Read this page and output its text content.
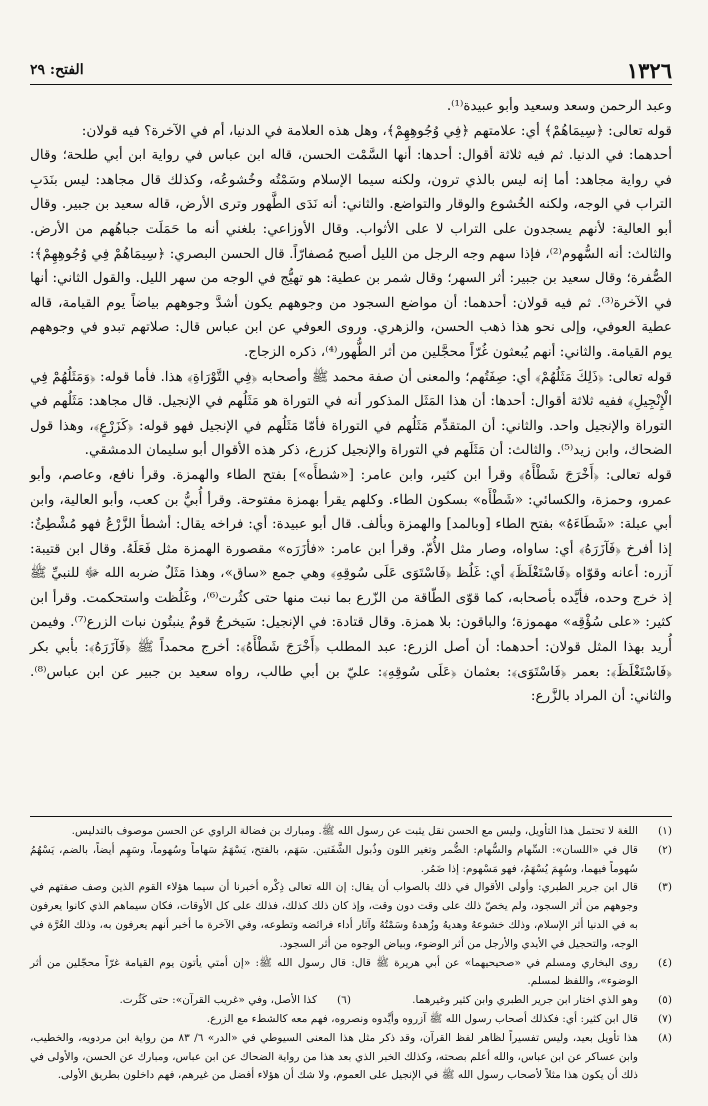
١٣٢٦
الفتح: ٢٩

وعبد الرحمن وسعد وسعيد وأبو عبيدة⁽¹⁾.

قوله تعالى: ﴿سِيمَاهُمْ﴾ أي: علامتهم ﴿فِي وُجُوهِهِمْ﴾، وهل هذه العلامة في الدنيا، أم في الآخرة؟ فيه قولان:

أحدهما: في الدنيا. ثم فيه ثلاثة أقوال: أحدها: أنها السَّمْت الحسن، قاله ابن عباس في رواية ابن أبي طلحة؛ وقال في رواية مجاهد: أما إنه ليس بالذي ترون، ولكنه سيما الإسلام وسَمْتُه وخُشوعُه، وكذلك قال مجاهد: ليس بنَدَبِ التراب في الوجه، ولكنه الخُشوع والوقار والتواضع. والثاني: أنه نَدَى الطَّهور وترى الأرض، قاله سعيد بن جبير. وقال أبو العالية: لأنهم يسجدون على التراب لا على الأثواب. وقال الأوزاعي: بلغني أنه ما حَمَلَت جباهُهم من الأرض. والثالث: أنه السُّهوم⁽²⁾، فإذا سهم وجه الرجل من الليل أصبح مُصفارّاً. قال الحسن البصري: ﴿سِيمَاهُمْ فِي وُجُوهِهِمْ﴾: الصُّفرة؛ وقال سعيد بن جبير: أثر السهر؛ وقال شمر بن عطية: هو تهيُّج في الوجه من سهر الليل. والقول الثاني: أنها في الآخرة⁽³⁾. ثم فيه قولان: أحدهما: أن مواضع السجود من وجوههم يكون أشدَّ وجوههم بياضاً يوم القيامة، قاله عطية العوفي، وإلى نحو هذا ذهب الحسن، والزهري. وروى العوفي عن ابن عباس قال: صلاتهم تبدو في وجوههم يوم القيامة. والثاني: أنهم يُبعثون غُرّاً محجَّلين من أثر الطُّهور⁽⁴⁾، ذكره الزجاج.

قوله تعالى: ﴿ذَلِكَ مَثَلُهُمْ﴾ أي: صِفَتُهم؛ والمعنى أن صفة محمد ﷺ وأصحابه ﴿فِي التَّوْرَاةِ﴾ هذا. فأما قوله: ﴿وَمَثَلُهُمْ فِي الْإِنْجِيلِ﴾ ففيه ثلاثة أقوال: أحدها: أن هذا المَثَل المذكور أنه في التوراة هو مَثَلُهم في الإنجيل. قال مجاهد: مَثَلُهم في التوراة والإنجيل واحد. والثاني: أن المتقدِّم مَثَلُهم في التوراة فأمّا مَثَلُهم في الإنجيل فهو قوله: ﴿كَزَرْعٍ﴾، وهذا قول الضحاك، وابن زيد⁽⁵⁾. والثالث: أن مَثَلَهم في التوراة والإنجيل كزرع، ذكر هذه الأقوال أبو سليمان الدمشقي.

قوله تعالى: ﴿أَخْرَجَ شَطْأَهُ﴾ وقرأ ابن كثير، وابن عامر: [«شطأَه»] بفتح الطاء والهمزة. وقرأ نافع، وعاصم، وأبو عمرو، وحمزة، والكسائي: «شَطْأَه» بسكون الطاء. وكلهم يقرأ بهمزة مفتوحة. وقرأ أُبيُّ بن كعب، وأبو العالية، وابن أبي عبلة: «شَطَاءَهُ» بفتح الطاء [وبالمد] والهمزة وبألف. قال أبو عبيدة: أي: فراخه يقال: أشطأ الزَّرْعُ فهو مُشْطِئٌ: إذا أفرخ ﴿فَآزَرَهُ﴾ أي: ساواه، وصار مثل الأُمّ. وقرأ ابن عامر: «فأزَرَه» مقصورة الهمزة مثل فَعَلَهُ. وقال ابن قتيبة: آزره: أعانه وقوّاه ﴿فَاسْتَغْلَظَ﴾ أي: غَلُظ ﴿فَاسْتَوَى عَلَى سُوقِهِ﴾ وهي جمع «ساق»، وهذا مَثَلٌ ضربه الله ﷻ للنبيِّ ﷺ إذ خرج وحده، فأيَّده بأصحابه، كما قوّى الطّاقة من الزّرع بما نبت منها حتى كثُرت⁽⁶⁾، وغَلُظت واستحكمت. وقرأ ابن كثير: «على سُؤْقِه» مهموزة؛ والباقون: بلا همزة. وقال قتادة: في الإنجيل: سَيخرجُ قومٌ ينبتُون نبات الزرع⁽⁷⁾. وفيمن أُريد بهذا المثل قولان: أحدهما: أن أصل الزرع: عبد المطلب ﴿أَخْرَجَ شَطْأَهُ﴾: أخرج محمداً ﷺ ﴿فَآزَرَهُ﴾: بأبي بكر ﴿فَاسْتَغْلَظَ﴾: بعمر ﴿فَاسْتَوَى﴾: بعثمان ﴿عَلَى سُوقِهِ﴾: عليّ بن أبي طالب، رواه سعيد بن جبير عن ابن عباس⁽⁸⁾. والثاني: أن المراد بالزَّرع:

(١)
اللغة لا تحتمل هذا التأويل، وليس مع الحسن نقل يثبت عن رسول الله ﷺ. ومبارك بن فضالة الراوي عن الحسن موصوف بالتدليس.
(٢)
قال في «اللسان»: السِّهام والسُّهام: الضُّمر وتغير اللون وذُبول الشَّفَتين. سَهَم، بالفتح، يَسْهَمُ سَهاماً وسُهوماً، وسَهِم أيضاً، بالضم، يَسْهُمُ سُهوماً فيهما، وسُهِمَ يُسْهَمُ، فهو مَسْهوم: إذا ضَمُر.
(٣)
قال ابن جرير الطبري: وأولى الأقوال في ذلك بالصواب أن يقال: إن الله تعالى ذِكْره أخبرنا أن سيما هؤلاء القوم الذين وصف صفتهم في وجوههم من أثر السجود، ولم يخصّ ذلك على وقت دون وقت، وإذ كان ذلك كذلك، فذلك على كل الأوقات، فكان سيماهم الذي كانوا يعرفون به في الدنيا أثر الإسلام، وذلك خشوعهُ وهديهُ وزُهدهُ وسَمْتُهُ وآثار أداء فرائضه وتطوعه، وفي الآخرة ما أخبر أنهم يعرفون به، وذلك الغُرَّة في الوجه، والتحجيل في الأيدي والأرجل من أثر الوضوء، وبياض الوجوه من أثر السجود.
(٤)
روى البخاري ومسلم في «صحيحيهما» عن أبي هريرة ﷺ قال: قال رسول الله ﷺ: «إن أمتي يأتون يوم القيامة غرّاً محجّلين من أثر الوضوء»، واللفظ لمسلم.
(٥)
وهو الذي اختار ابن جرير الطبري وابن كثير وغيرهما.
(٦)
كذا الأصل، وفي «غريب القرآن»: حتى كَثُرت.
(٧)
قال ابن كثير: أي: فكذلك أصحاب رسول الله ﷺ آزروه وأيَّدوه ونصروه، فهم معه كالشطء مع الزرع.
(٨)
هذا تأويل بعيد، وليس تفسيراً لظاهر لفظ القرآن، وقد ذكر مثل هذا المعنى السيوطي في «الدر» ٦/ ٨٣ من رواية ابن مردويه، والخطيب، وابن عساكر عن ابن عباس، والله أعلم بصحته، وكذلك الخبر الذي بعد هذا من رواية الضحاك عن ابن عباس، ومبارك عن الحسن، والأولى في ذلك أن يكون هذا مثلاً لأصحاب رسول الله ﷺ في الإنجيل على العموم، ولا شك أن هؤلاء أفضل من غيرهم، فهم داخلون بطريق الأولى.
